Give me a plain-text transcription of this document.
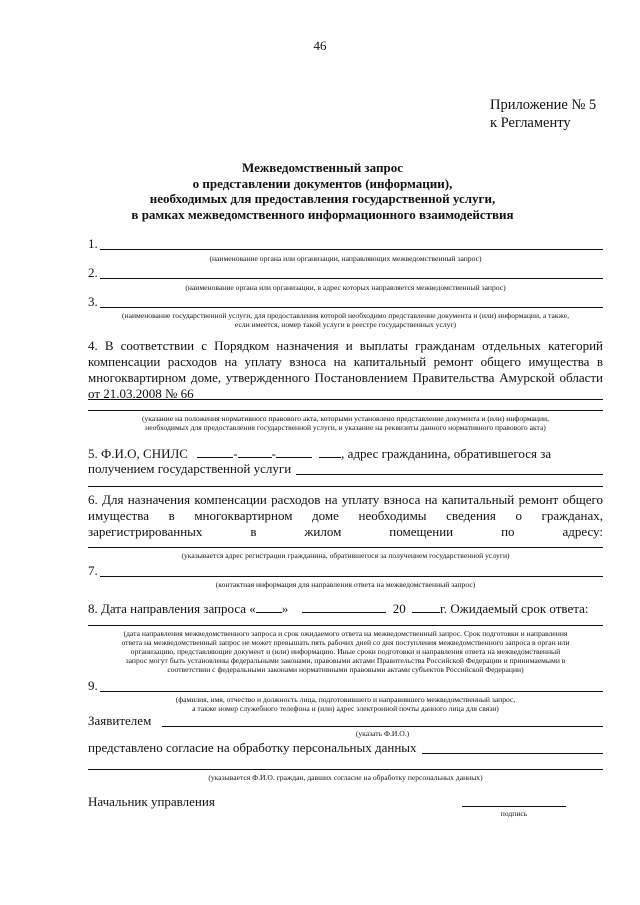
46
Приложение № 5
к Регламенту
Межведомственный запрос
о представлении документов (информации),
необходимых для предоставления государственной услуги,
в рамках межведомственного информационного взаимодействия
1.
(наименование органа или организации, направляющих межведомственный запрос)
2.
(наименование органа или организации, в адрес которых направляется межведомственный запрос)
3.
(наименование государственной услуги, для предоставления которой необходимо представление документа и (или) информации, а также,
если имеется, номер такой услуги в реестре государственных услуг)
4. В соответствии с Порядком назначения и выплаты гражданам отдельных категорий
компенсации расходов на уплату взноса на капитальный ремонт общего имущества в
многоквартирном доме, утвержденного Постановлением Правительства Амурской области
от 21.03.2008 № 66
(указание на положения нормативного правового акта, которыми установлено представление документа и (или) информации,
необходимых для предоставления государственной услуги, и указание на реквизиты данного нормативного правового акта)
5. Ф.И.О, СНИЛС	-	-	, адрес гражданина, обратившегося за
получением государственной услуги
6. Для назначения компенсации расходов на уплату взноса на капитальный ремонт общего
имущества в многоквартирном доме необходимы сведения о гражданах,
зарегистрированных в жилом помещении по адресу:
(указывается адрес регистрации гражданина, обратившегося за получением государственной услуги)
7.
(контактная информация для направления ответа на межведомственный запрос)
8. Дата направления запроса « »	20	г. Ожидаемый срок ответа:
(дата направления межведомственного запроса и срок ожидаемого ответа на межведомственный запрос. Срок подготовки и направления
ответа на межведомственный запрос не может превышать пять рабочих дней со дня поступления межведомственного запроса в орган или
организацию, представляющие документ и (или) информацию. Иные сроки подготовки и направления ответа на межведомственный
запрос могут быть установлены федеральными законами, правовыми актами Правительства Российской Федерации и принимаемыми в
соответствии с федеральными законами нормативными правовыми актами субъектов Российской Федерации)
9.
(фамилия, имя, отчество и должность лица, подготовившего и направившего межведомственный запрос,
а также номер служебного телефона и (или) адрес электронной почты данного лица для связи)
Заявителем
(указать Ф.И.О.)
представлено согласие на обработку персональных данных
(указывается Ф.И.О. граждан, давших согласие на обработку персональных данных)
Начальник управления
подпись
